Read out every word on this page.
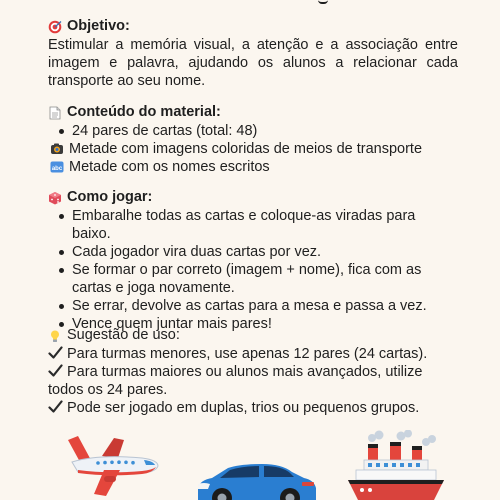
Objetivo:
Estimular a memória visual, a atenção e a associação entre imagem e palavra, ajudando os alunos a relacionar cada transporte ao seu nome.
Conteúdo do material:
24 pares de cartas (total: 48)
Metade com imagens coloridas de meios de transporte
abc Metade com os nomes escritos
Como jogar:
Embaralhe todas as cartas e coloque-as viradas para baixo.
Cada jogador vira duas cartas por vez.
Se formar o par correto (imagem + nome), fica com as cartas e joga novamente.
Se errar, devolve as cartas para a mesa e passa a vez.
Vence quem juntar mais pares!
Sugestão de uso:
Para turmas menores, use apenas 12 pares (24 cartas).
Para turmas maiores ou alunos mais avançados, utilize todos os 24 pares.
Pode ser jogado em duplas, trios ou pequenos grupos.
